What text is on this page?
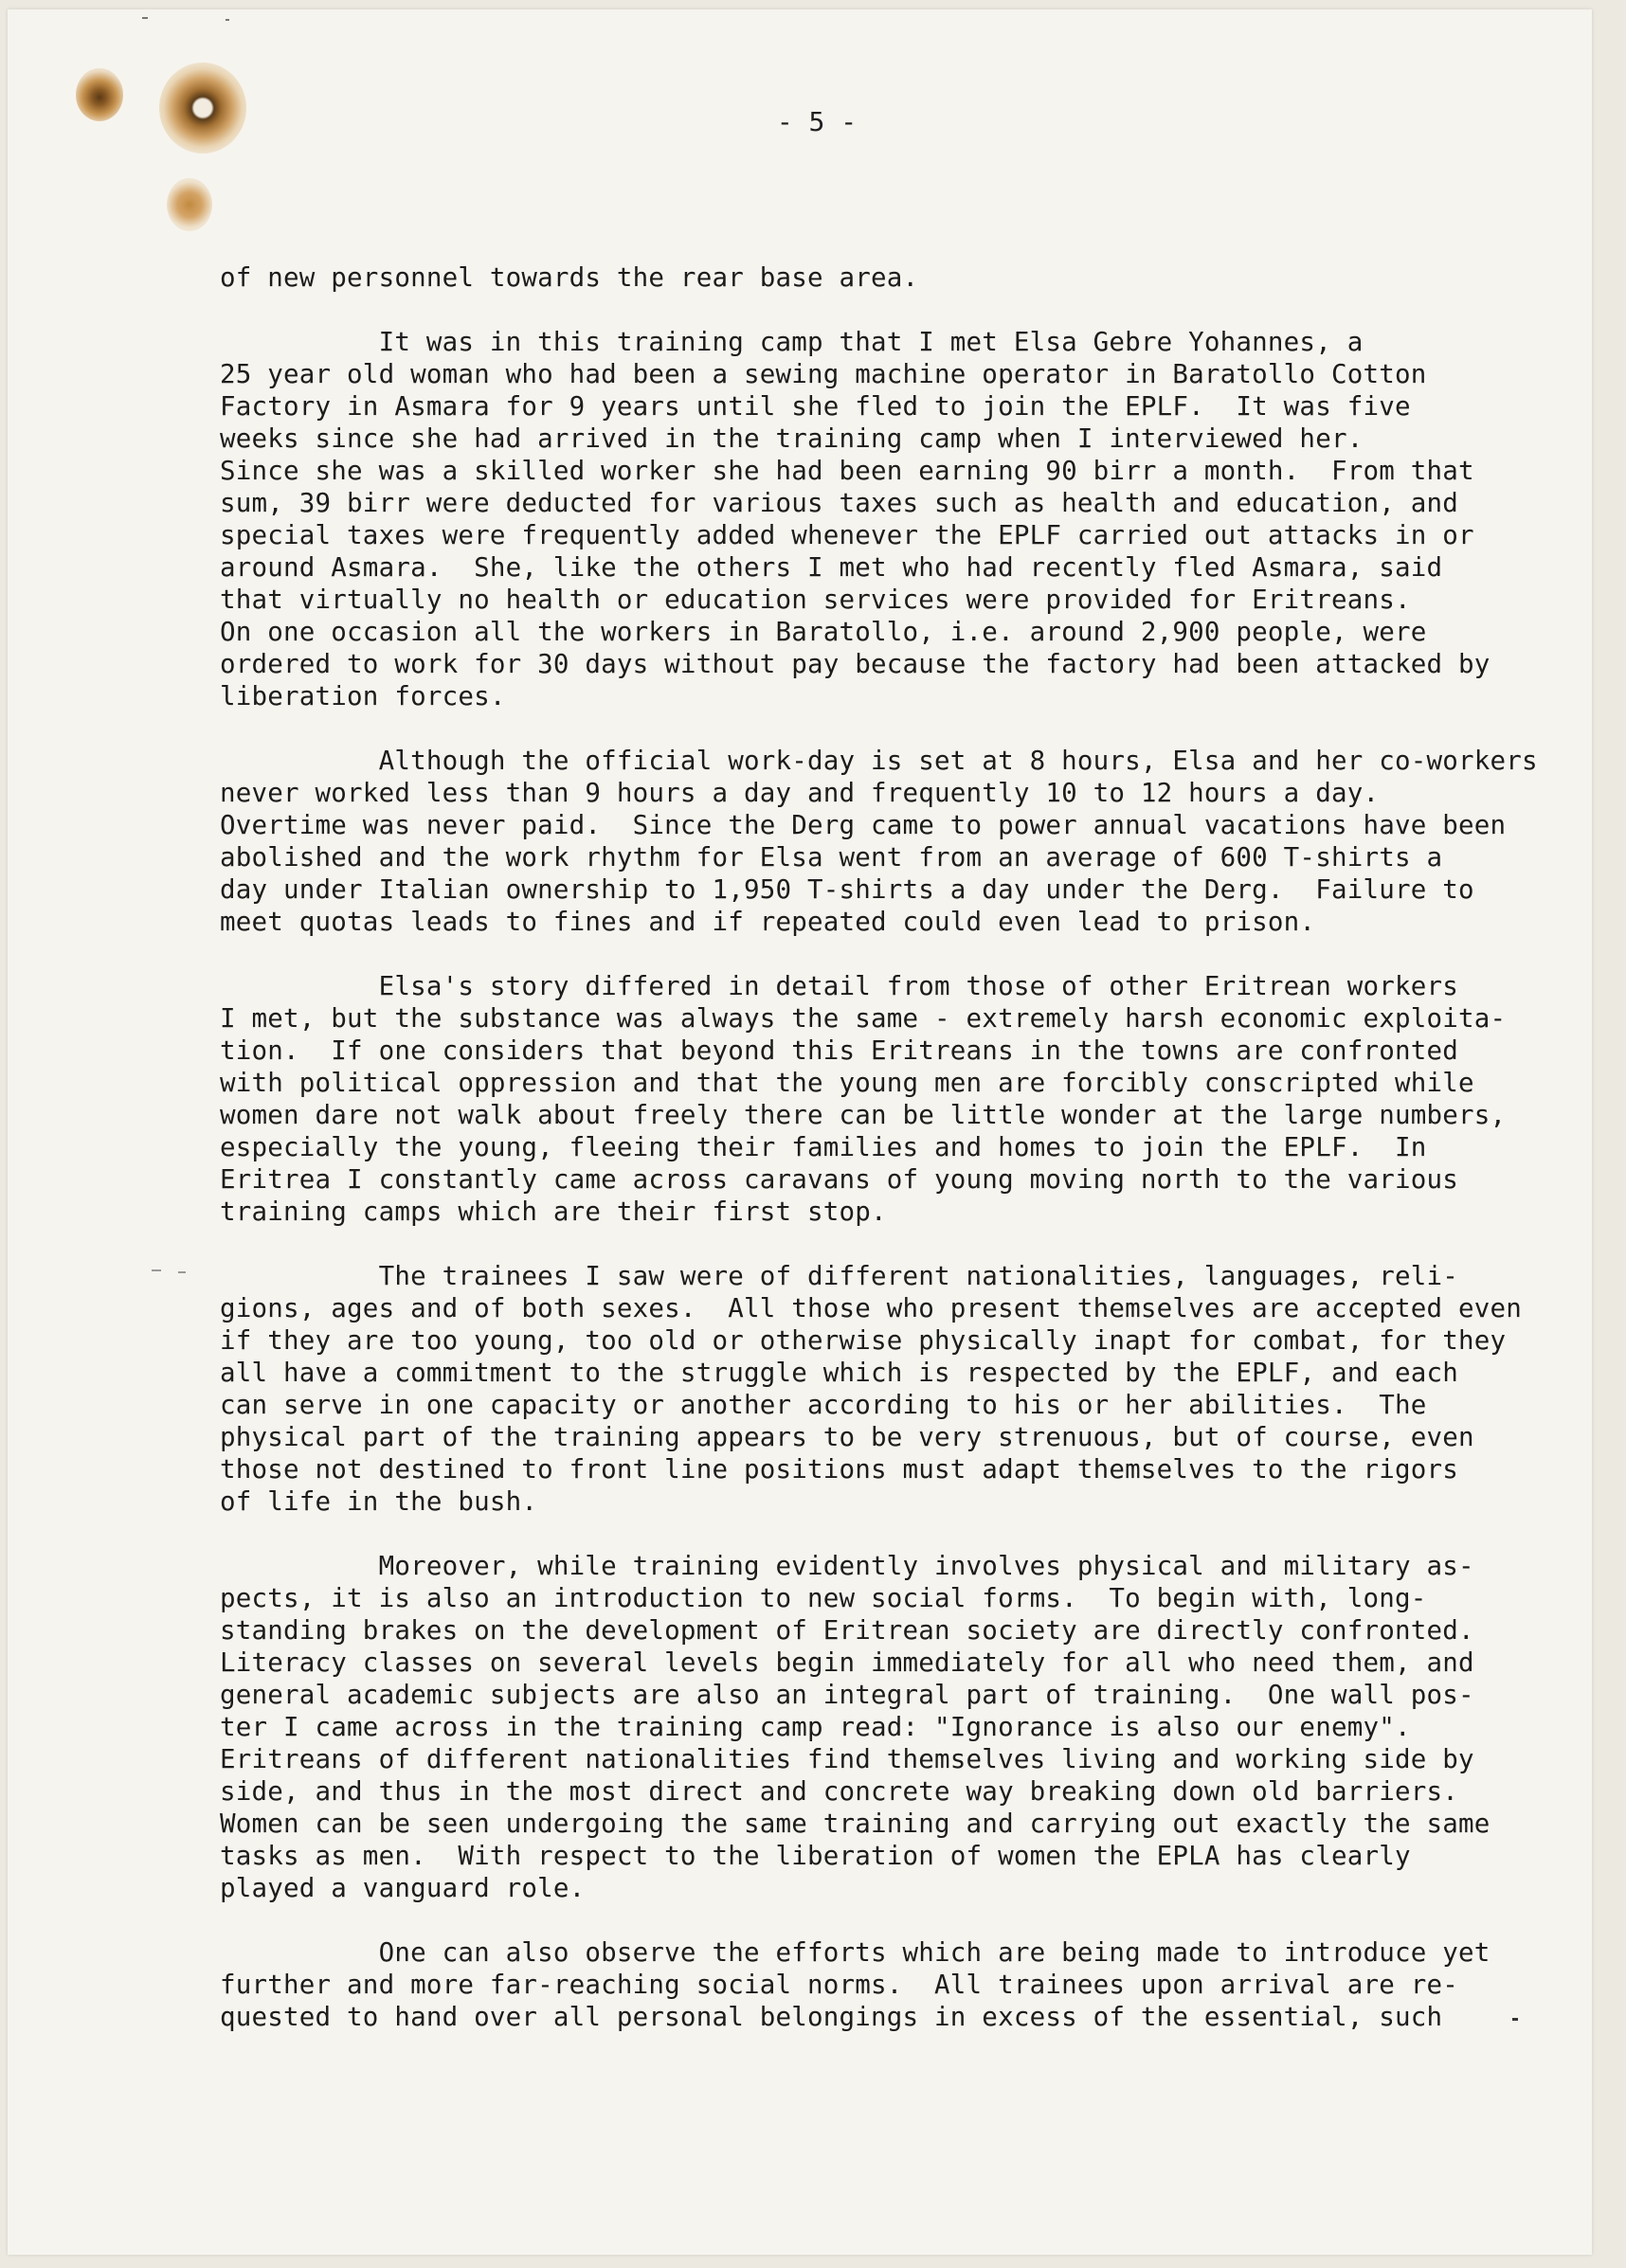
- 5 -
of new personnel towards the rear base area.
It was in this training camp that I met Elsa Gebre Yohannes, a
25 year old woman who had been a sewing machine operator in Baratollo Cotton
Factory in Asmara for 9 years until she fled to join the EPLF.  It was five
weeks since she had arrived in the training camp when I interviewed her.
Since she was a skilled worker she had been earning 90 birr a month.  From that
sum, 39 birr were deducted for various taxes such as health and education, and
special taxes were frequently added whenever the EPLF carried out attacks in or
around Asmara.  She, like the others I met who had recently fled Asmara, said
that virtually no health or education services were provided for Eritreans.
On one occasion all the workers in Baratollo, i.e. around 2,900 people, were
ordered to work for 30 days without pay because the factory had been attacked by
liberation forces.
Although the official work-day is set at 8 hours, Elsa and her co-workers
never worked less than 9 hours a day and frequently 10 to 12 hours a day.
Overtime was never paid.  Since the Derg came to power annual vacations have been
abolished and the work rhythm for Elsa went from an average of 600 T-shirts a
day under Italian ownership to 1,950 T-shirts a day under the Derg.  Failure to
meet quotas leads to fines and if repeated could even lead to prison.
Elsa's story differed in detail from those of other Eritrean workers
I met, but the substance was always the same - extremely harsh economic exploita-
tion.  If one considers that beyond this Eritreans in the towns are confronted
with political oppression and that the young men are forcibly conscripted while
women dare not walk about freely there can be little wonder at the large numbers,
especially the young, fleeing their families and homes to join the EPLF.  In
Eritrea I constantly came across caravans of young moving north to the various
training camps which are their first stop.
The trainees I saw were of different nationalities, languages, reli-
gions, ages and of both sexes.  All those who present themselves are accepted even
if they are too young, too old or otherwise physically inapt for combat, for they
all have a commitment to the struggle which is respected by the EPLF, and each
can serve in one capacity or another according to his or her abilities.  The
physical part of the training appears to be very strenuous, but of course, even
those not destined to front line positions must adapt themselves to the rigors
of life in the bush.
Moreover, while training evidently involves physical and military as-
pects, it is also an introduction to new social forms.  To begin with, long-
standing brakes on the development of Eritrean society are directly confronted.
Literacy classes on several levels begin immediately for all who need them, and
general academic subjects are also an integral part of training.  One wall pos-
ter I came across in the training camp read: "Ignorance is also our enemy".
Eritreans of different nationalities find themselves living and working side by
side, and thus in the most direct and concrete way breaking down old barriers.
Women can be seen undergoing the same training and carrying out exactly the same
tasks as men.  With respect to the liberation of women the EPLA has clearly
played a vanguard role.
One can also observe the efforts which are being made to introduce yet
further and more far-reaching social norms.  All trainees upon arrival are re-
quested to hand over all personal belongings in excess of the essential, such
